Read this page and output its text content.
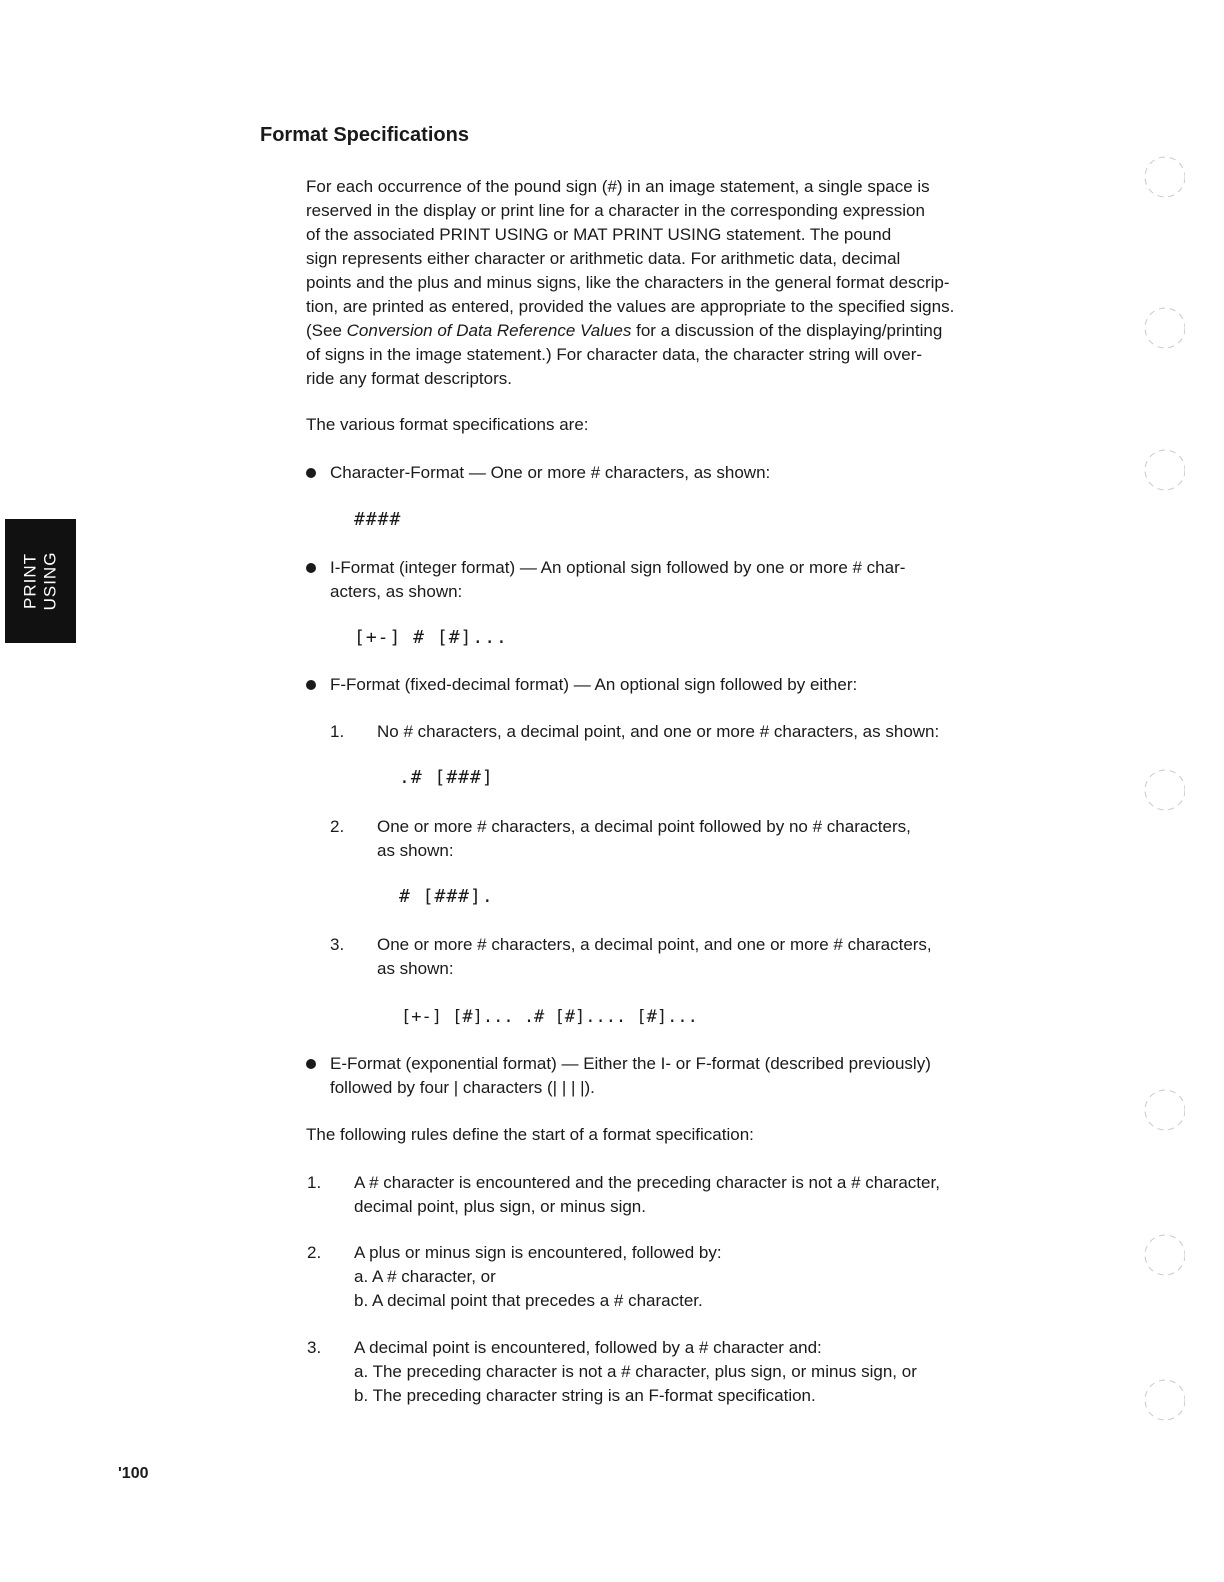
Format Specifications

For each occurrence of the pound sign (#) in an image statement, a single space is

reserved in the display or print line for a character in the corresponding expression

of the associated PRINT USING or MAT PRINT USING statement. The pound

sign represents either character or arithmetic data. For arithmetic data, decimal

points and the plus and minus signs, like the characters in the general format descrip-

tion, are printed as entered, provided the values are appropriate to the specified signs.

(See Conversion of Data Reference Values for a discussion of the displaying/printing

of signs in the image statement.) For character data, the character string will over-

ride any format descriptors.

The various format specifications are:

Character-Format — One or more # characters, as shown:

####

I-Format (integer format) — An optional sign followed by one or more # char-

acters, as shown:

[+-] # [#]...

F-Format (fixed-decimal format) — An optional sign followed by either:

1. No # characters, a decimal point, and one or more # characters, as shown:

.# [###]
2. One or more # characters, a decimal point followed by no # characters,

as shown:

# [###].
3. One or more # characters, a decimal point, and one or more # characters,

as shown:

[+-] [#]... .# [#].... [#]...

E-Format (exponential format) — Either the I- or F-format (described previously)

followed by four | characters (| | | |).

The following rules define the start of a format specification:
1. A # character is encountered and the preceding character is not a # character,

decimal point, plus sign, or minus sign.

2. A plus or minus sign is encountered, followed by:

a. A # character, or

b. A decimal point that precedes a # character.

3. A decimal point is encountered, followed by a # character and:

a. The preceding character is not a # character, plus sign, or minus sign, or

b. The preceding character string is an F-format specification.

PRINT USING
'100
